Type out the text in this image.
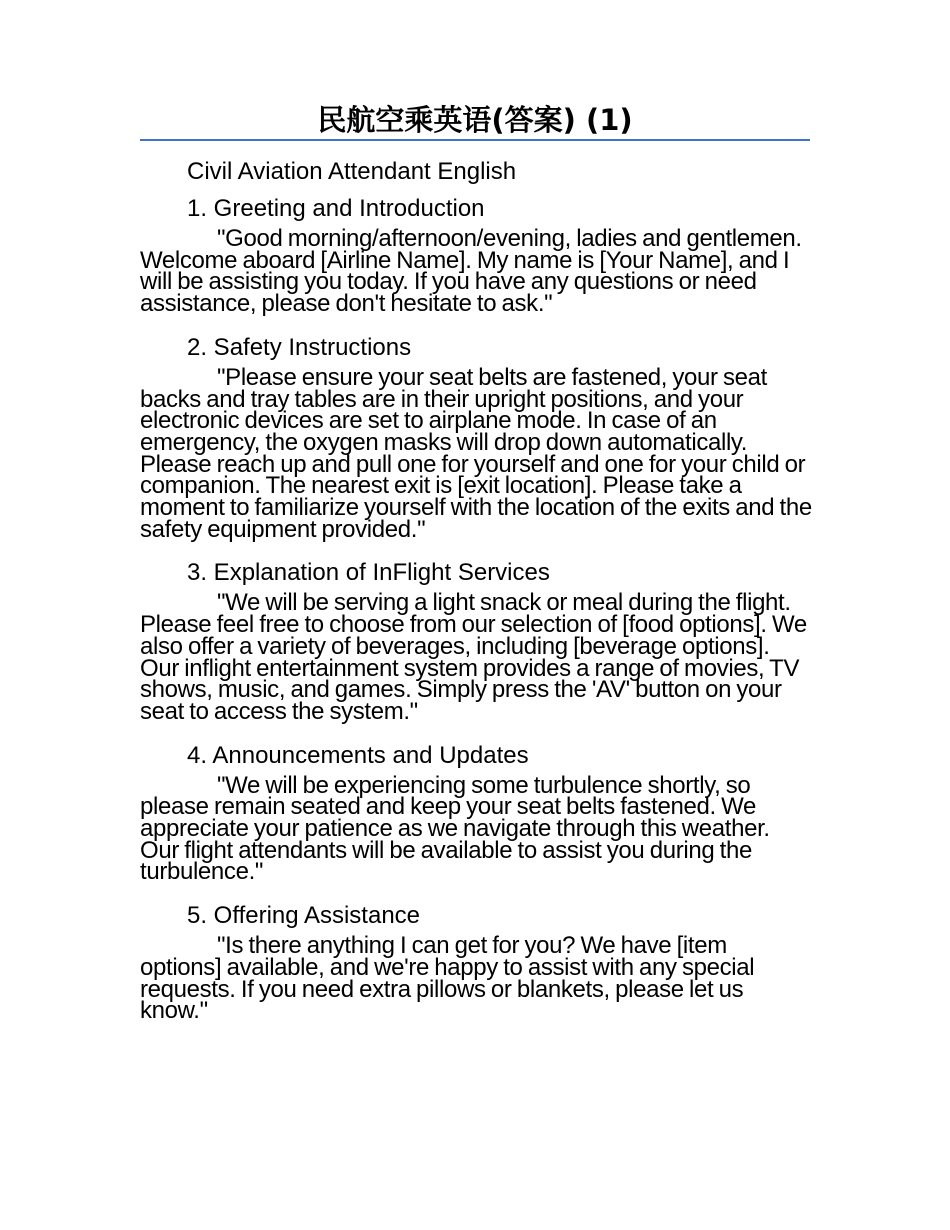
民航空乘英语(答案) (1)

Civil Aviation Attendant English

1. Greeting and Introduction

"Good morning/afternoon/evening, ladies and gentlemen. Welcome aboard [Airline Name]. My name is [Your Name], and I will be assisting you today. If you have any questions or need assistance, please don't hesitate to ask."

2. Safety Instructions

"Please ensure your seat belts are fastened, your seat backs and tray tables are in their upright positions, and your electronic devices are set to airplane mode. In case of an emergency, the oxygen masks will drop down automatically. Please reach up and pull one for yourself and one for your child or companion. The nearest exit is [exit location]. Please take a moment to familiarize yourself with the location of the exits and the safety equipment provided."

3. Explanation of InFlight Services

"We will be serving a light snack or meal during the flight. Please feel free to choose from our selection of [food options]. We also offer a variety of beverages, including [beverage options]. Our inflight entertainment system provides a range of movies, TV shows, music, and games. Simply press the 'AV' button on your seat to access the system."

4. Announcements and Updates

"We will be experiencing some turbulence shortly, so please remain seated and keep your seat belts fastened. We appreciate your patience as we navigate through this weather. Our flight attendants will be available to assist you during the turbulence."

5. Offering Assistance

"Is there anything I can get for you? We have [item options] available, and we're happy to assist with any special requests. If you need extra pillows or blankets, please let us know."
